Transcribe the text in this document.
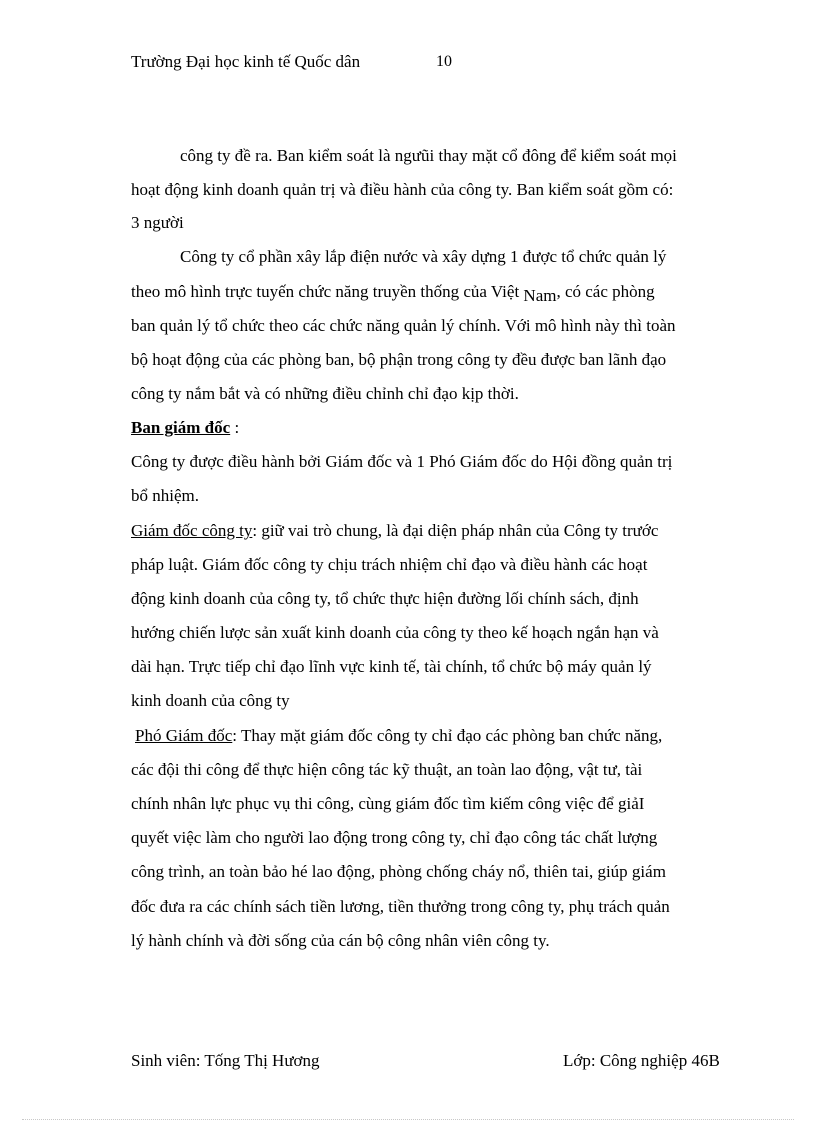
Trường Đại học kinh tế Quốc dân	10
công ty đề ra. Ban kiểm soát là ngưũi thay mặt cổ đông để kiểm soát mọi
hoạt động kinh doanh quản trị và điều hành của công ty. Ban kiểm soát gồm có:
3 người
Công ty cổ phần xây lắp điện nước và xây dựng 1 được tổ chức quản lý
theo mô hình trực tuyến chức năng truyền thống của Việt Nam, có các phòng
ban quản lý tổ chức theo các chức năng quản lý chính. Với mô hình này thì toàn
bộ hoạt động của các phòng ban, bộ phận trong công ty đều được ban lãnh đạo
công ty nắm bắt và có những điều chỉnh chỉ đạo kịp thời.
Ban giám đốc :
Công ty được điều hành bởi Giám đốc và 1 Phó Giám đốc do Hội đồng quản trị
bổ nhiệm.
Giám đốc công ty: giữ vai trò chung, là đại diện pháp nhân của Công ty trước
pháp luật. Giám đốc công ty chịu trách nhiệm chỉ đạo và điều hành các hoạt
động kinh doanh của công ty, tổ chức thực hiện đường lối chính sách, định
hướng chiến lược sản xuất kinh doanh của công ty theo kế hoạch ngắn hạn và
dài hạn. Trực tiếp chỉ đạo lĩnh vực kinh tế, tài chính, tổ chức bộ máy quản lý
kinh doanh của công ty
Phó Giám đốc: Thay mặt giám đốc công ty chỉ đạo các phòng ban chức năng,
các đội thi công để thực hiện công tác kỹ thuật, an toàn lao động, vật tư, tài
chính nhân lực phục vụ thi công, cùng giám đốc tìm kiếm công việc để giảI
quyết việc làm cho người lao động trong công ty, chỉ đạo công tác chất lượng
công trình, an toàn bảo hé lao động, phòng chống cháy nổ, thiên tai, giúp giám
đốc đưa ra các chính sách tiền lương, tiền thưởng trong công ty, phụ trách quản
lý hành chính và đời sống của cán bộ công nhân viên công ty.
Sinh viên: Tống Thị Hương	Lớp: Công nghiệp 46B
